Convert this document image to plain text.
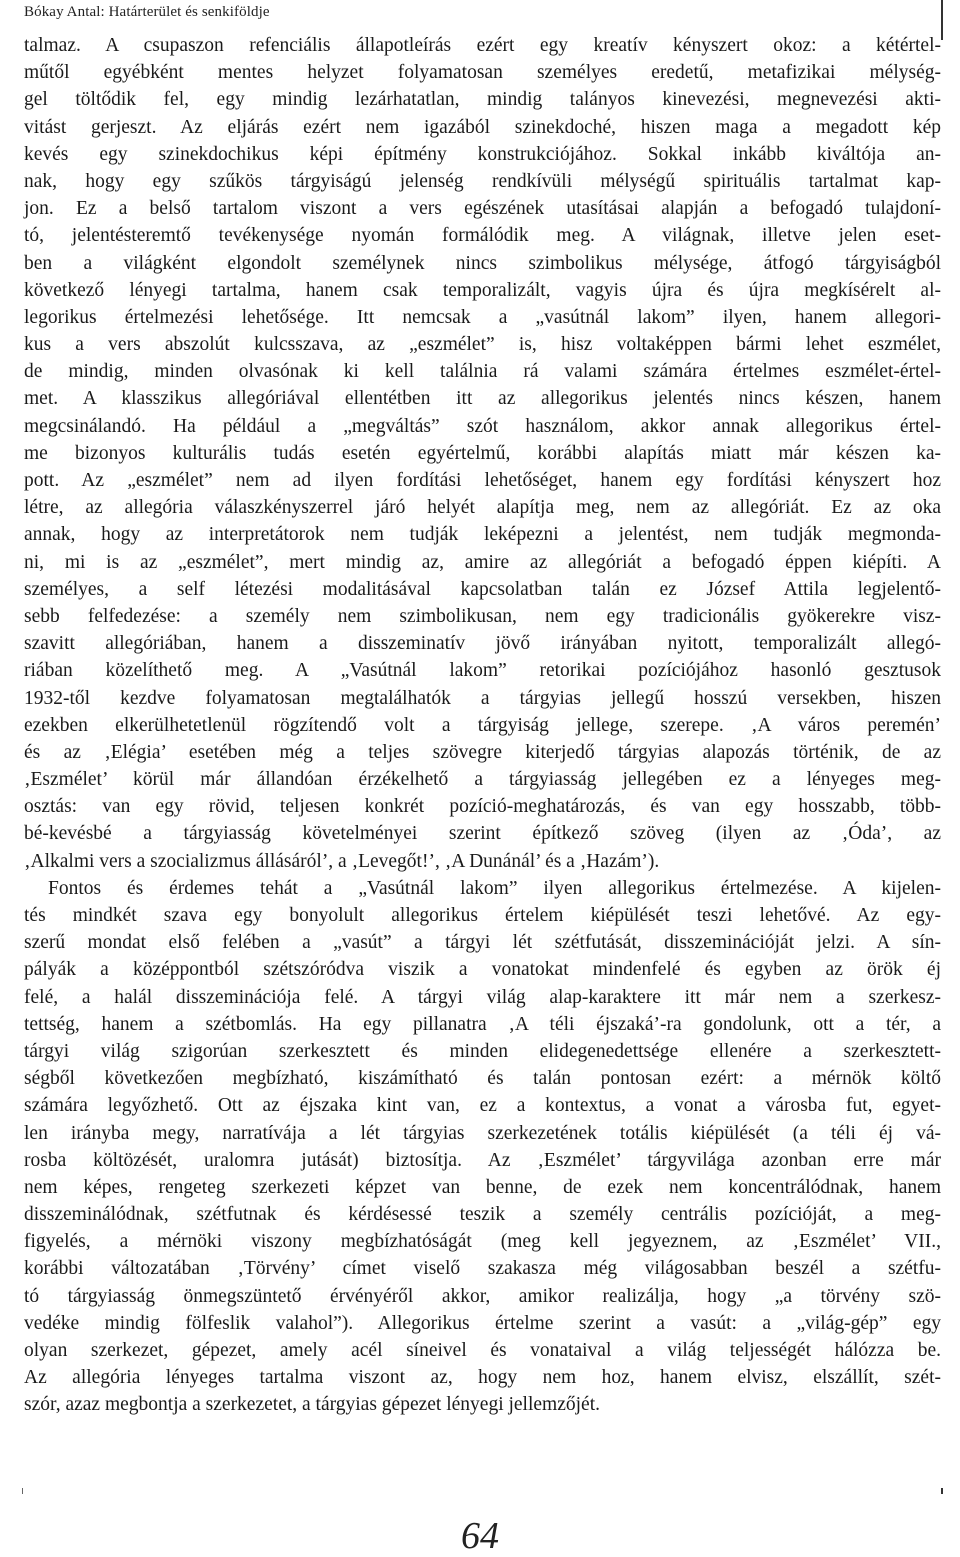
Bókay Antal: Határterület és senkiföldje
talmaz. A csupaszon refenciális állapotleírás ezért egy kreatív kényszert okoz: a kétértel-
műtől egyébként mentes helyzet folyamatosan személyes eredetű, metafizikai mélység-
gel töltődik fel, egy mindig lezárhatatlan, mindig talányos kinevezési, megnevezési akti-
vitást gerjeszt. Az eljárás ezért nem igazából szinekdoché, hiszen maga a megadott kép
kevés egy szinekdochikus képi építmény konstrukciójához. Sokkal inkább kiváltója an-
nak, hogy egy szűkös tárgyiságú jelenség rendkívüli mélységű spirituális tartalmat kap-
jon. Ez a belső tartalom viszont a vers egészének utasításai alapján a befogadó tulajdoní-
tó, jelentésteremtő tevékenysége nyomán formálódik meg. A világnak, illetve jelen eset-
ben a világként elgondolt személynek nincs szimbolikus mélysége, átfogó tárgyiságból
következő lényegi tartalma, hanem csak temporalizált, vagyis újra és újra megkísérelt al-
legorikus értelmezési lehetősége. Itt nemcsak a „vasútnál lakom” ilyen, hanem allegori-
kus a vers abszolút kulcsszava, az „eszmélet” is, hisz voltaképpen bármi lehet eszmélet,
de mindig, minden olvasónak ki kell találnia rá valami számára értelmes eszmélet-értel-
met. A klasszikus allegóriával ellentétben itt az allegorikus jelentés nincs készen, hanem
megcsinálandó. Ha például a „megváltás” szót használom, akkor annak allegorikus értel-
me bizonyos kulturális tudás esetén egyértelmű, korábbi alapítás miatt már készen ka-
pott. Az „eszmélet” nem ad ilyen fordítási lehetőséget, hanem egy fordítási kényszert hoz
létre, az allegória válaszkényszerrel járó helyét alapítja meg, nem az allegóriát. Ez az oka
annak, hogy az interpretátorok nem tudják leképezni a jelentést, nem tudják megmonda-
ni, mi is az „eszmélet”, mert mindig az, amire az allegóriát a befogadó éppen kiépíti. A
személyes, a self létezési modalitásával kapcsolatban talán ez József Attila legjelentő-
sebb felfedezése: a személy nem szimbolikusan, nem egy tradicionális gyökerekre visz-
szavitt allegóriában, hanem a disszeminatív jövő irányában nyitott, temporalizált allegó-
riában közelíthető meg. A „Vasútnál lakom” retorikai pozíciójához hasonló gesztusok
1932-től kezdve folyamatosan megtalálhatók a tárgyias jellegű hosszú versekben, hiszen
ezekben elkerülhetetlenül rögzítendő volt a tárgyiság jellege, szerepe. ‚A város peremén’
és az ‚Elégia’ esetében még a teljes szövegre kiterjedő tárgyias alapozás történik, de az
‚Eszmélet’ körül már állandóan érzékelhető a tárgyiasság jellegében ez a lényeges meg-
osztás: van egy rövid, teljesen konkrét pozíció-meghatározás, és van egy hosszabb, több-
bé-kevésbé a tárgyiasság követelményei szerint építkező szöveg (ilyen az ‚Óda’, az
‚Alkalmi vers a szocializmus állásáról’, a ‚Levegőt!’, ‚A Dunánál’ és a ‚Hazám’).
Fontos és érdemes tehát a „Vasútnál lakom” ilyen allegorikus értelmezése. A kijelen-
tés mindkét szava egy bonyolult allegorikus értelem kiépülését teszi lehetővé. Az egy-
szerű mondat első felében a „vasút” a tárgyi lét szétfutását, disszeminációját jelzi. A sín-
pályák a középpontból szétszóródva viszik a vonatokat mindenfelé és egyben az örök éj
felé, a halál disszeminációja felé. A tárgyi világ alap-karaktere itt már nem a szerkesz-
tettség, hanem a szétbomlás. Ha egy pillanatra ‚A téli éjszaká’-ra gondolunk, ott a tér, a
tárgyi világ szigorúan szerkesztett és minden elidegenedettsége ellenére a szerkesztett-
ségből következően megbízható, kiszámítható és talán pontosan ezért: a mérnök költő
számára legyőzhető. Ott az éjszaka kint van, ez a kontextus, a vonat a városba fut, egyet-
len irányba megy, narratívája a lét tárgyias szerkezetének totális kiépülését (a téli éj vá-
rosba költözését, uralomra jutását) biztosítja. Az ‚Eszmélet’ tárgyvilága azonban erre már
nem képes, rengeteg szerkezeti képzet van benne, de ezek nem koncentrálódnak, hanem
disszeminálódnak, szétfutnak és kérdésessé teszik a személy centrális pozícióját, a meg-
figyelés, a mérnöki viszony megbízhatóságát (meg kell jegyeznem, az ‚Eszmélet’ VII.,
korábbi változatában ‚Törvény’ címet viselő szakasza még világosabban beszél a szétfu-
tó tárgyiasság önmegszüntető érvényéről akkor, amikor realizálja, hogy „a törvény szö-
vedéke mindig fölfeslik valahol”). Allegorikus értelme szerint a vasút: a „világ-gép” egy
olyan szerkezet, gépezet, amely acél síneivel és vonataival a világ teljességét hálózza be.
Az allegória lényeges tartalma viszont az, hogy nem hoz, hanem elvisz, elszállít, szét-
szór, azaz megbontja a szerkezetet, a tárgyias gépezet lényegi jellemzőjét.
64
